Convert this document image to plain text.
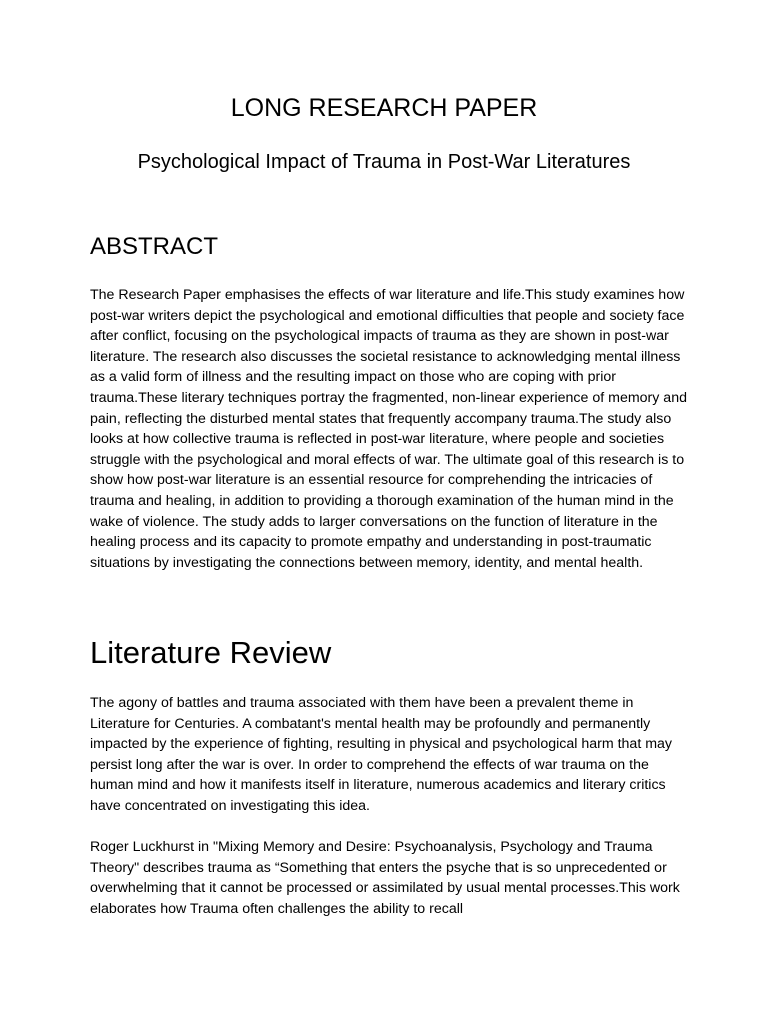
LONG RESEARCH PAPER
Psychological Impact of Trauma in Post-War Literatures
ABSTRACT

The Research Paper emphasises the effects of war literature and life.This study examines how post-war writers depict the psychological and emotional difficulties that people and society face after conflict, focusing on the psychological impacts of trauma as they are shown in post-war literature. The research also discusses the societal resistance to acknowledging mental illness as a valid form of illness and the resulting impact on those who are coping with prior trauma.These literary techniques portray the fragmented, non-linear experience of memory and pain, reflecting the disturbed mental states that frequently accompany trauma.The study also looks at how collective trauma is reflected in post-war literature, where people and societies struggle with the psychological and moral effects of war. The ultimate goal of this research is to show how post-war literature is an essential resource for comprehending the intricacies of trauma and healing, in addition to providing a thorough examination of the human mind in the wake of violence. The study adds to larger conversations on the function of literature in the healing process and its capacity to promote empathy and understanding in post-traumatic situations by investigating the connections between memory, identity, and mental health.

Literature Review

The agony of battles and trauma associated with them have been a prevalent theme in Literature for Centuries. A combatant's mental health may be profoundly and permanently impacted by the experience of fighting, resulting in physical and psychological harm that may persist long after the war is over. In order to comprehend the effects of war trauma on the human mind and how it manifests itself in literature, numerous academics and literary critics have concentrated on investigating this idea.

Roger Luckhurst in "Mixing Memory and Desire: Psychoanalysis, Psychology and Trauma Theory" describes trauma as “Something that enters the psyche that is so unprecedented or overwhelming that it cannot be processed or assimilated by usual mental processes.This work elaborates how Trauma often challenges the ability to recall
